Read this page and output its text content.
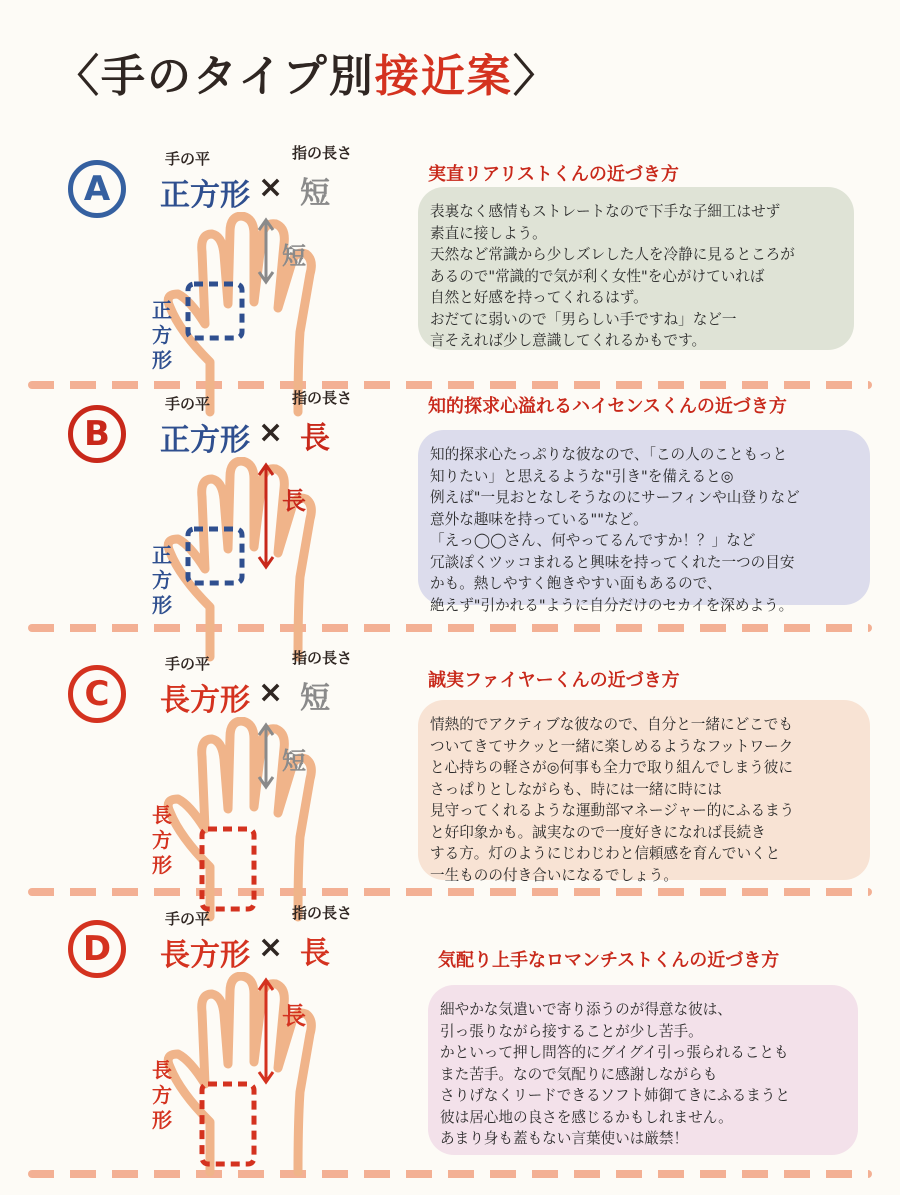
〈手のタイプ別接近案〉
A
手の平	指の長さ
正方形 × 短
短
正方形
実直リアリストくんの近づき方

表裏なく感情もストレートなので下手な子細工はせず

素直に接しよう。

天然など常識から少しズレした人を冷静に見るところが

あるので"常識的で気が利く女性"を心がけていれば

自然と好感を持ってくれるはず。

おだてに弱いので「男らしい手ですね」など一

言そえれば少し意識してくれるかもです。

B
手の平	指の長さ
正方形 × 長
長
正方形
知的探求心溢れるハイセンスくんの近づき方

知的探求心たっぷりな彼なので、「この人のこともっと

知りたい」と思えるような"引き"を備えると◎

例えば"一見おとなしそうなのにサーフィンや山登りなど

意外な趣味を持っている""など。

「えっ◯◯さん、何やってるんですか！？」など

冗談ぽくツッコまれると興味を持ってくれた一つの目安

かも。熱しやすく飽きやすい面もあるので、

絶えず"引かれる"ように自分だけのセカイを深めよう。

C
手の平	指の長さ
長方形 × 短
短
長方形
誠実ファイヤーくんの近づき方

情熱的でアクティブな彼なので、自分と一緒にどこでも

ついてきてサクッと一緒に楽しめるようなフットワーク

と心持ちの軽さが◎何事も全力で取り組んでしまう彼に

さっぱりとしながらも、時には一緒に時には

見守ってくれるような運動部マネージャー的にふるまう

と好印象かも。誠実なので一度好きになれば長続き

する方。灯のようにじわじわと信頼感を育んでいくと

一生ものの付き合いになるでしょう。

D
手の平	指の長さ
長方形 × 長
長
長方形
気配り上手なロマンチストくんの近づき方

細やかな気遣いで寄り添うのが得意な彼は、

引っ張りながら接することが少し苦手。

かといって押し問答的にグイグイ引っ張られることも

また苦手。なので気配りに感謝しながらも

さりげなくリードできるソフト姉御てきにふるまうと

彼は居心地の良さを感じるかもしれません。

あまり身も蓋もない言葉使いは厳禁！
